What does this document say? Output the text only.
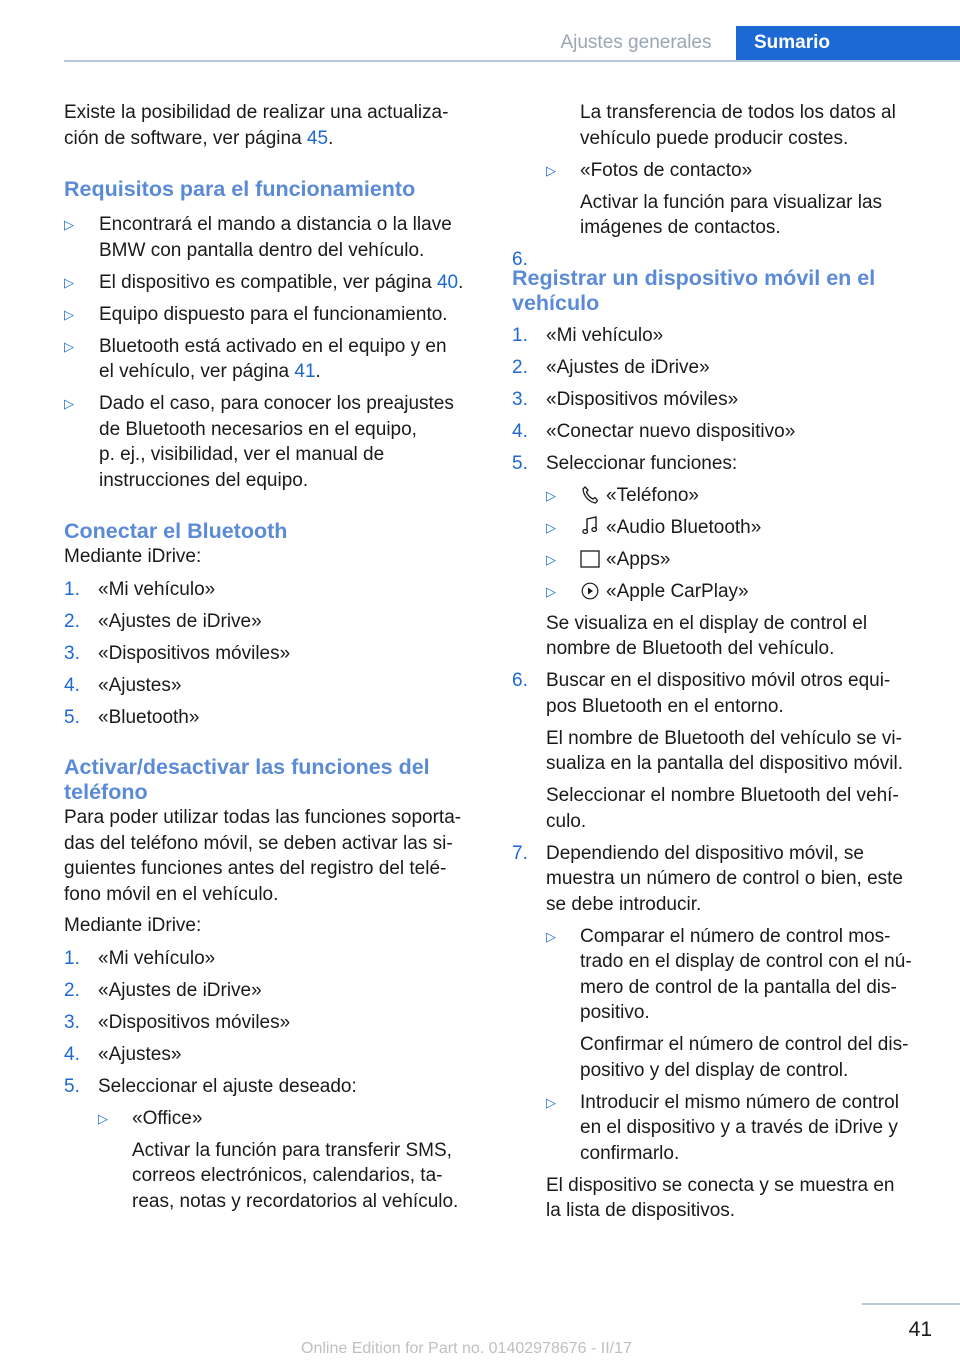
Ajustes generales	Sumario

Existe la posibilidad de realizar una actualiza‐
ción de software, ver página 45.

Requisitos para el funcionamiento
▷ Encontrará el mando a distancia o la llave
BMW con pantalla dentro del vehículo.
▷ El dispositivo es compatible, ver página 40.
▷ Equipo dispuesto para el funcionamiento.
▷ Bluetooth está activado en el equipo y en
el vehículo, ver página 41.
▷ Dado el caso, para conocer los preajustes
de Bluetooth necesarios en el equipo,
p. ej., visibilidad, ver el manual de
instrucciones del equipo.
Conectar el Bluetooth

Mediante iDrive:

1. «Mi vehículo»
2. «Ajustes de iDrive»
3. «Dispositivos móviles»
4. «Ajustes»
5. «Bluetooth»
Activar/desactivar las funciones del
teléfono

Para poder utilizar todas las funciones soporta‐
das del teléfono móvil, se deben activar las si‐
guientes funciones antes del registro del telé‐
fono móvil en el vehículo.

Mediante iDrive:

1. «Mi vehículo»
2. «Ajustes de iDrive»
3. «Dispositivos móviles»
4. «Ajustes»
5. Seleccionar el ajuste deseado:
▷ «Office»
Activar la función para transferir SMS,
correos electrónicos, calendarios, ta‐
reas, notas y recordatorios al vehículo.

La transferencia de todos los datos al
vehículo puede producir costes.

▷ «Fotos de contacto»
Activar la función para visualizar las
imágenes de contactos.
6.
Registrar un dispositivo móvil en el
vehículo
1. «Mi vehículo»
2. «Ajustes de iDrive»
3. «Dispositivos móviles»
4. «Conectar nuevo dispositivo»
5. Seleccionar funciones:
▷	«Teléfono»
▷	«Audio Bluetooth»
▷	«Apps»
▷	«Apple CarPlay»

Se visualiza en el display de control el
nombre de Bluetooth del vehículo.

6. Buscar en el dispositivo móvil otros equi‐
pos Bluetooth en el entorno.

El nombre de Bluetooth del vehículo se vi‐
sualiza en la pantalla del dispositivo móvil.

Seleccionar el nombre Bluetooth del vehí‐
culo.

7. Dependiendo del dispositivo móvil, se
muestra un número de control o bien, este
se debe introducir.
▷ Comparar el número de control mos‐
trado en el display de control con el nú‐
mero de control de la pantalla del dis‐
positivo.
Confirmar el número de control del dis‐
positivo y del display de control.
▷ Introducir el mismo número de control
en el dispositivo y a través de iDrive y
confirmarlo.

El dispositivo se conecta y se muestra en
la lista de dispositivos.

41
Online Edition for Part no. 01402978676 - II/17
